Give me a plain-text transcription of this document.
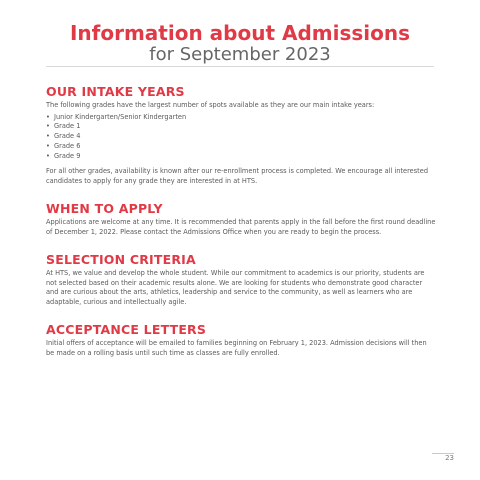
Information about Admissions
for September 2023
OUR INTAKE YEARS

The following grades have the largest number of spots available as they are our main intake years:

• Junior Kindergarten/Senior Kindergarten
• Grade 1
• Grade 4
• Grade 6
• Grade 9

For all other grades, availability is known after our re-enrollment process is completed. We encourage all interested candidates to apply for any grade they are interested in at HTS.

WHEN TO APPLY

Applications are welcome at any time. It is recommended that parents apply in the fall before the first round deadline of December 1, 2022. Please contact the Admissions Office when you are ready to begin the process.

SELECTION CRITERIA

At HTS, we value and develop the whole student. While our commitment to academics is our priority, students are not selected based on their academic results alone. We are looking for students who demonstrate good character and are curious about the arts, athletics, leadership and service to the community, as well as learners who are adaptable, curious and intellectually agile.

ACCEPTANCE LETTERS

Initial offers of acceptance will be emailed to families beginning on February 1, 2023. Admission decisions will then be made on a rolling basis until such time as classes are fully enrolled.

23
